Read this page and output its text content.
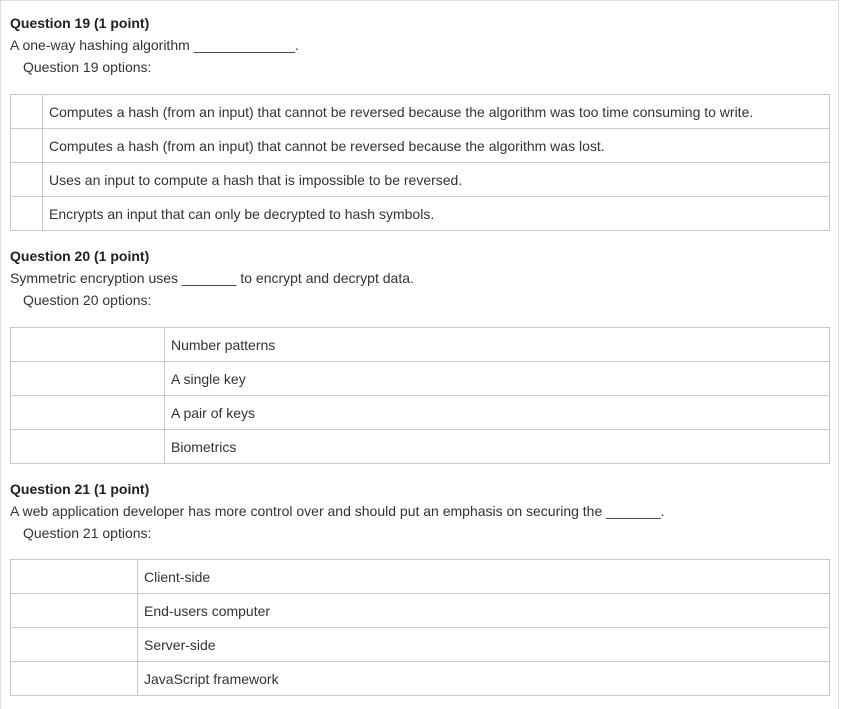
Question 19 (1 point)
A one-way hashing algorithm _____________.
Question 19 options:
	Computes a hash (from an input) that cannot be reversed because the algorithm was too time consuming to write.
	Computes a hash (from an input) that cannot be reversed because the algorithm was lost.
	Uses an input to compute a hash that is impossible to be reversed.
	Encrypts an input that can only be decrypted to hash symbols.
Question 20 (1 point)
Symmetric encryption uses _______ to encrypt and decrypt data.
Question 20 options:
	Number patterns
	A single key
	A pair of keys
	Biometrics
Question 21 (1 point)
A web application developer has more control over and should put an emphasis on securing the _______.
Question 21 options:
	Client-side
	End-users computer
	Server-side
	JavaScript framework
